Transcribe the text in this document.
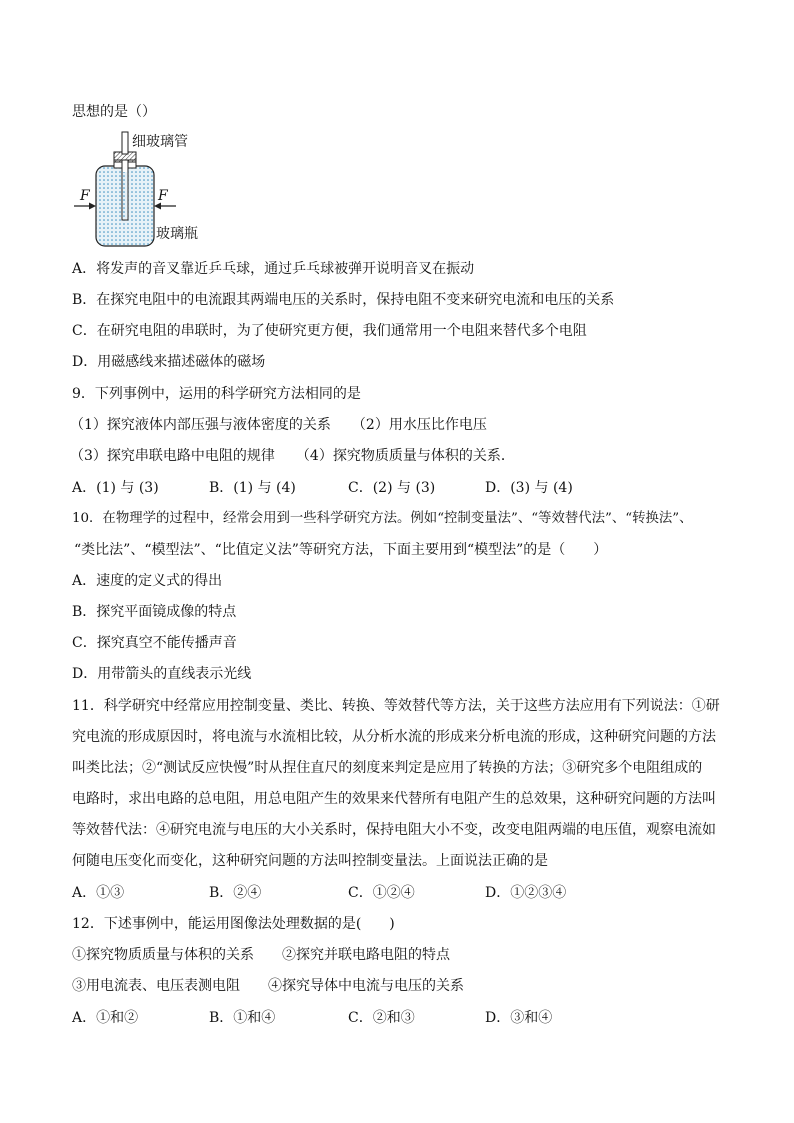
思想的是（）
F	F
细玻璃管
玻璃瓶
A．将发声的音叉靠近乒乓球，通过乒乓球被弹开说明音叉在振动
B．在探究电阻中的电流跟其两端电压的关系时，保持电阻不变来研究电流和电压的关系
C．在研究电阻的串联时，为了使研究更方便，我们通常用一个电阻来替代多个电阻
D．用磁感线来描述磁体的磁场
9．下列事例中，运用的科学研究方法相同的是
（1）探究液体内部压强与液体密度的关系　　（2）用水压比作电压
（3）探究串联电路中电阻的规律　　（4）探究物质质量与体积的关系．
A．(1) 与 (3)	B．(1) 与 (4)	C．(2) 与 (3)	D．(3) 与 (4)
10．在物理学的过程中，经常会用到一些科学研究方法。例如“控制变量法”、“等效替代法”、“转换法”、
“类比法”、“模型法”、“比值定义法”等研究方法，下面主要用到“模型法”的是（　　）
A．速度的定义式的得出
B．探究平面镜成像的特点
C．探究真空不能传播声音
D．用带箭头的直线表示光线
11．科学研究中经常应用控制变量、类比、转换、等效替代等方法，关于这些方法应用有下列说法：①研
究电流的形成原因时，将电流与水流相比较，从分析水流的形成来分析电流的形成，这种研究问题的方法
叫类比法；②“测试反应快慢”时从捏住直尺的刻度来判定是应用了转换的方法；③研究多个电阻组成的
电路时，求出电路的总电阻，用总电阻产生的效果来代替所有电阻产生的总效果，这种研究问题的方法叫
等效替代法：④研究电流与电压的大小关系时，保持电阻大小不变，改变电阻两端的电压值，观察电流如
何随电压变化而变化，这种研究问题的方法叫控制变量法。上面说法正确的是
A．①③	B．②④	C．①②④	D．①②③④
12．下述事例中，能运用图像法处理数据的是(　　)
①探究物质质量与体积的关系　　②探究并联电路电阻的特点
③用电流表、电压表测电阻　　④探究导体中电流与电压的关系
A．①和②	B．①和④	C．②和③	D．③和④
